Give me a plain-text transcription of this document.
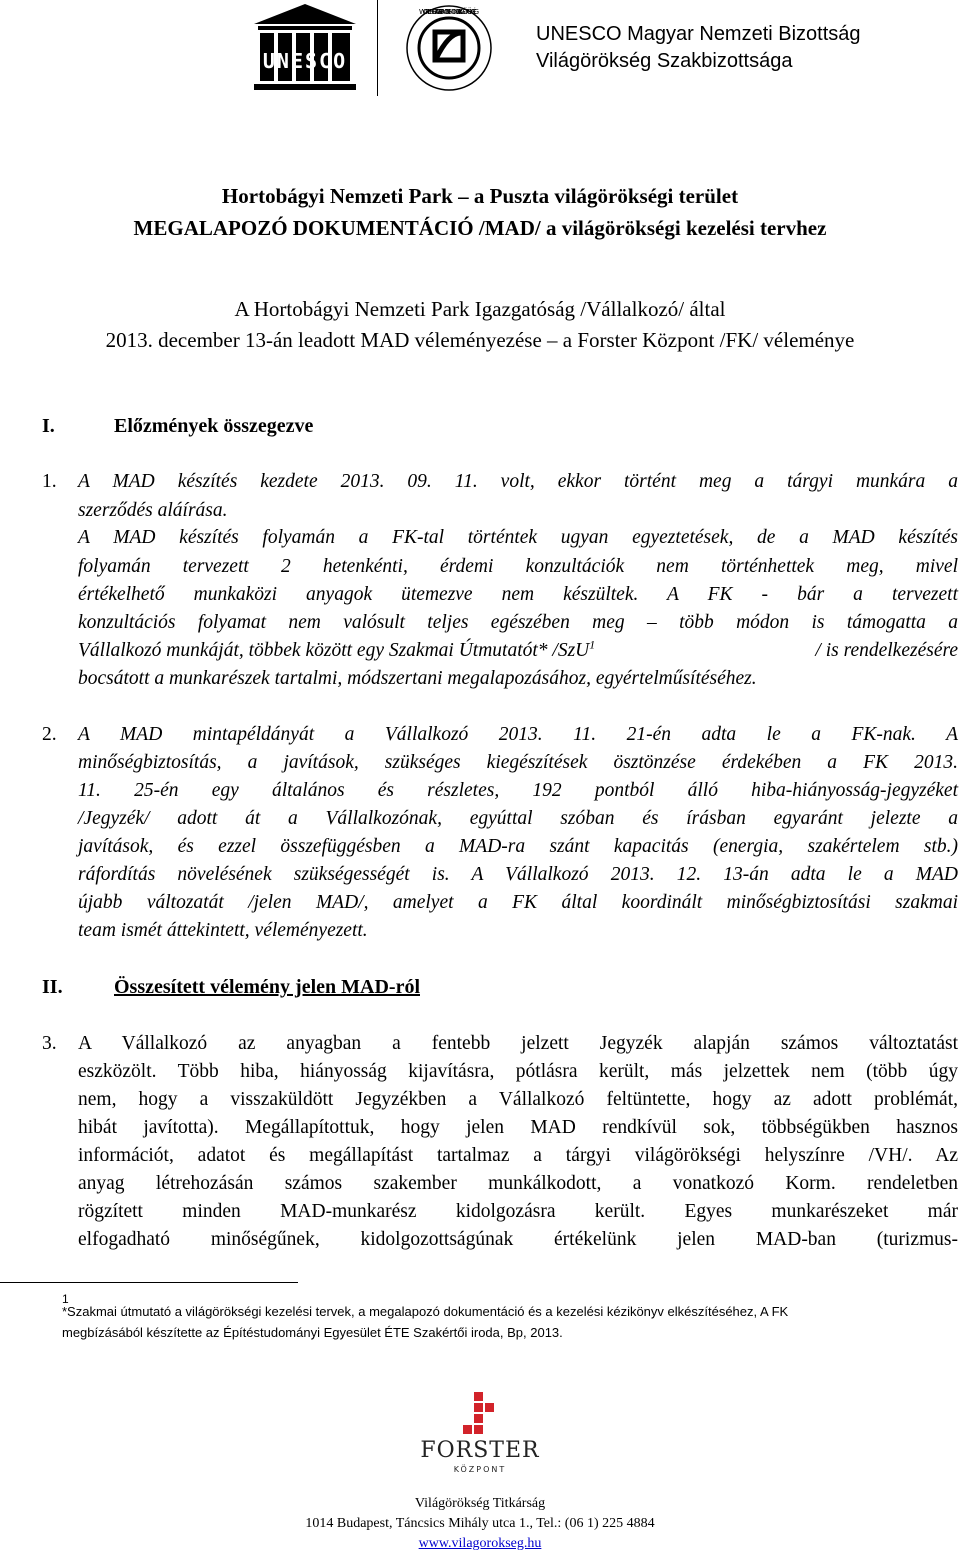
UNESCO
WORLD HERITAGE · PATRIMOINE MONDIAL · VILÁGÖRÖKSÉG
UNESCO Magyar Nemzeti Bizottság
Világörökség Szakbizottsága
Hortobágyi Nemzeti Park – a Puszta világörökségi terület
MEGALAPOZÓ DOKUMENTÁCIÓ /MAD/ a világörökségi kezelési tervhez
A Hortobágyi Nemzeti Park Igazgatóság /Vállalkozó/ által
2013. december 13-án leadott MAD véleményezése – a Forster Központ /FK/ véleménye
I.	Előzmények összegezve
1. A MAD készítés kezdete 2013. 09. 11. volt, ekkor történt meg a tárgyi munkára a
szerződés aláírása.
A MAD készítés folyamán a FK-tal történtek ugyan egyeztetések, de a MAD készítés
folyamán tervezett 2 hetenkénti, érdemi konzultációk nem történhettek meg, mivel
értékelhető munkaközi anyagok ütemezve nem készültek. A FK - bár a tervezett
konzultációs folyamat nem valósult teljes egészében meg – több módon is támogatta a
Vállalkozó munkáját, többek között egy Szakmai Útmutatót* /SzU$^1$	/ is rendelkezésére
bocsátott a munkarészek tartalmi, módszertani megalapozásához, egyértelműsítéséhez.
2. A MAD mintapéldányát a Vállalkozó 2013. 11. 21-én adta le a FK-nak. A
minőségbiztosítás, a javítások, szükséges kiegészítések ösztönzése érdekében a FK 2013.
11. 25-én egy általános és részletes, 192 pontból álló hiba-hiányosság-jegyzéket
/Jegyzék/ adott át a Vállalkozónak, egyúttal szóban és írásban egyaránt jelezte a
javítások, és ezzel összefüggésben a MAD-ra szánt kapacitás (energia, szakértelem stb.)
ráfordítás növelésének szükségességét is. A Vállalkozó 2013. 12. 13-án adta le a MAD
újabb változatát /jelen MAD/, amelyet a FK által koordinált minőségbiztosítási szakmai
team ismét áttekintett, véleményezett.
II.	Összesített vélemény jelen MAD-ról
3. A Vállalkozó az anyagban a fentebb jelzett Jegyzék alapján számos változtatást
eszközölt. Több hiba, hiányosság kijavításra, pótlásra került, más jelzettek nem (több úgy
nem, hogy a visszaküldött Jegyzékben a Vállalkozó feltüntette, hogy az adott problémát,
hibát javította). Megállapítottuk, hogy jelen MAD rendkívül sok, többségükben hasznos
információt, adatot és megállapítást tartalmaz a tárgyi világörökségi helyszínre /VH/. Az
anyag létrehozásán számos szakember munkálkodott, a vonatkozó Korm. rendeletben
rögzített minden MAD-munkarész kidolgozásra került. Egyes munkarészeket már
elfogadható minőségűnek, kidolgozottságúnak értékelünk jelen MAD-ban (turizmus-
1
*Szakmai útmutató a világörökségi kezelési tervek, a megalapozó dokumentáció és a kezelési kézikönyv elkészítéséhez, A FK
megbízásából készítette az Építéstudományi Egyesület ÉTE Szakértői iroda, Bp, 2013.
FORSTER
KÖZPONT
Világörökség Titkárság
1014 Budapest, Táncsics Mihály utca 1., Tel.: (06 1) 225 4884
www.vilagorokseg.hu
